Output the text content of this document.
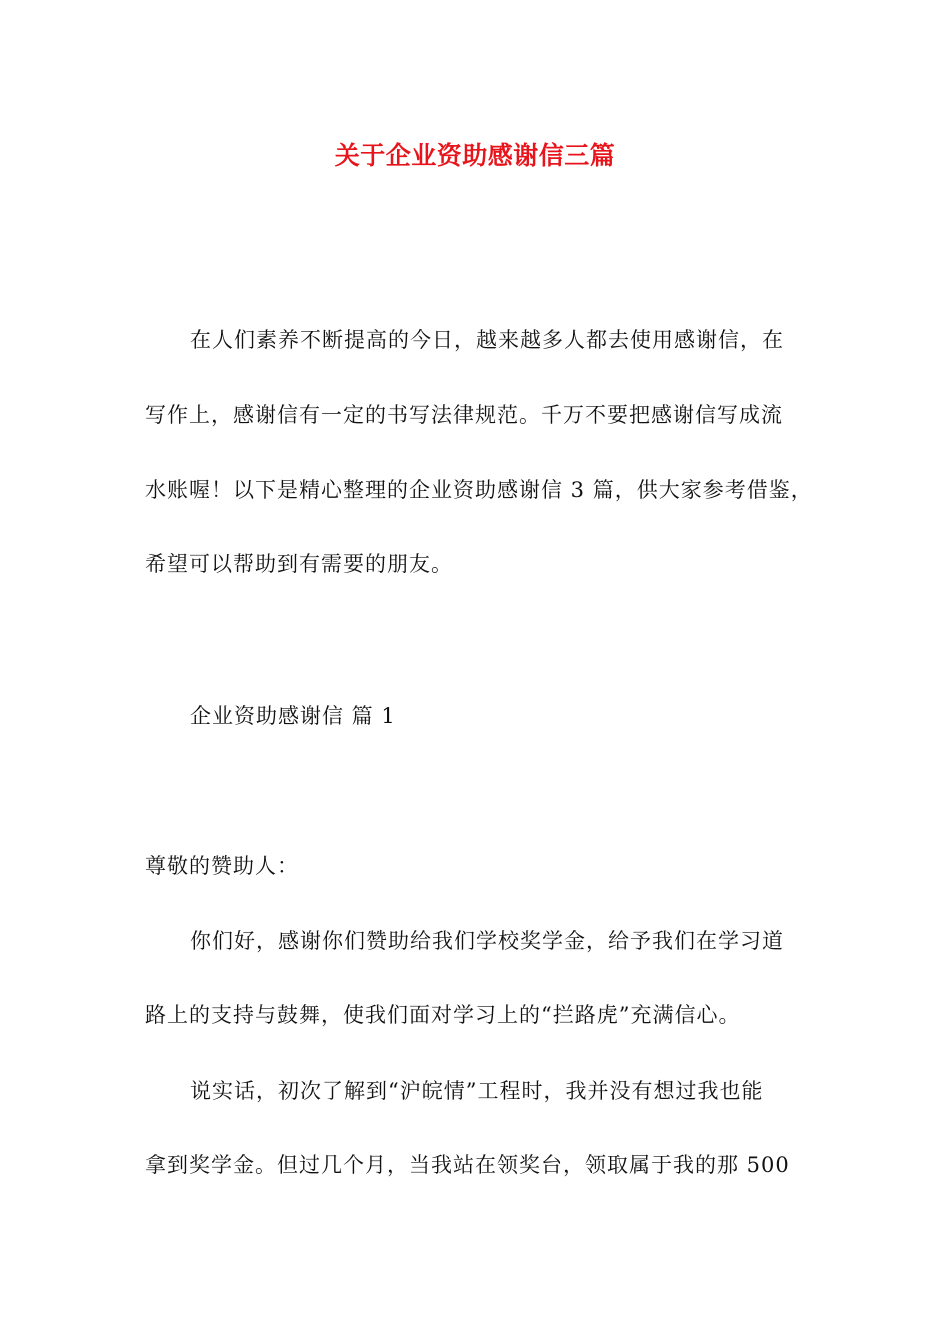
关于企业资助感谢信三篇
在人们素养不断提高的今日，越来越多人都去使用感谢信，在
写作上，感谢信有一定的书写法律规范。千万不要把感谢信写成流
水账喔！以下是精心整理的企业资助感谢信 3 篇，供大家参考借鉴，
希望可以帮助到有需要的朋友。
企业资助感谢信 篇 1
尊敬的赞助人：
你们好，感谢你们赞助给我们学校奖学金，给予我们在学习道
路上的支持与鼓舞，使我们面对学习上的“拦路虎”充满信心。
说实话，初次了解到“沪皖情”工程时，我并没有想过我也能
拿到奖学金。但过几个月，当我站在领奖台，领取属于我的那 500
